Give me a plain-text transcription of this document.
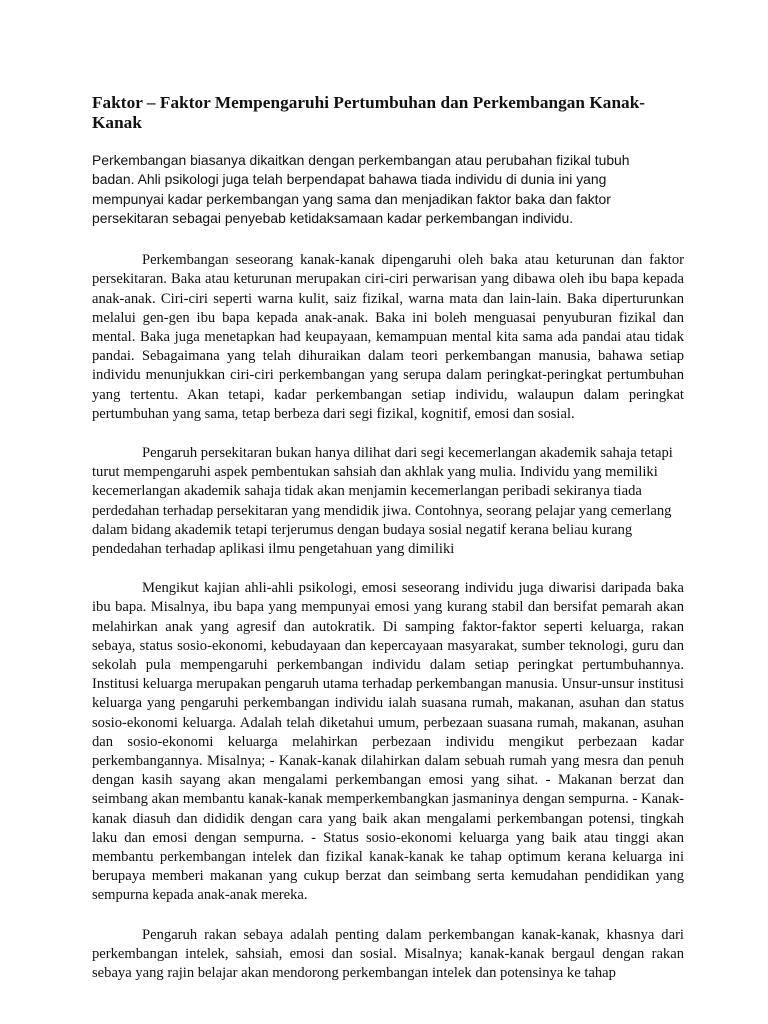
Faktor – Faktor Mempengaruhi Pertumbuhan dan Perkembangan Kanak-Kanak

Perkembangan biasanya dikaitkan dengan perkembangan atau perubahan fizikal tubuh badan. Ahli psikologi juga telah berpendapat bahawa tiada individu di dunia ini yang mempunyai kadar perkembangan yang sama dan menjadikan faktor baka dan faktor persekitaran sebagai penyebab ketidaksamaan kadar perkembangan individu.

Perkembangan seseorang kanak-kanak dipengaruhi oleh baka atau keturunan dan faktor persekitaran. Baka atau keturunan merupakan ciri-ciri perwarisan yang dibawa oleh ibu bapa kepada anak-anak. Ciri-ciri seperti warna kulit, saiz fizikal, warna mata dan lain-lain. Baka diperturunkan melalui gen-gen ibu bapa kepada anak-anak. Baka ini boleh menguasai penyuburan fizikal dan mental. Baka juga menetapkan had keupayaan, kemampuan mental kita sama ada pandai atau tidak pandai. Sebagaimana yang telah dihuraikan dalam teori perkembangan manusia, bahawa setiap individu menunjukkan ciri-ciri perkembangan yang serupa dalam peringkat-peringkat pertumbuhan yang tertentu. Akan tetapi, kadar perkembangan setiap individu, walaupun dalam peringkat pertumbuhan yang sama, tetap berbeza dari segi fizikal, kognitif, emosi dan sosial.

Pengaruh persekitaran bukan hanya dilihat dari segi kecemerlangan akademik sahaja tetapi turut mempengaruhi aspek pembentukan sahsiah dan akhlak yang mulia. Individu yang memiliki kecemerlangan akademik sahaja tidak akan menjamin kecemerlangan peribadi sekiranya tiada perdedahan terhadap persekitaran yang mendidik jiwa. Contohnya, seorang pelajar yang cemerlang dalam bidang akademik tetapi terjerumus dengan budaya sosial negatif kerana beliau kurang pendedahan terhadap aplikasi ilmu pengetahuan yang dimiliki

Mengikut kajian ahli-ahli psikologi, emosi seseorang individu juga diwarisi daripada baka ibu bapa. Misalnya, ibu bapa yang mempunyai emosi yang kurang stabil dan bersifat pemarah akan melahirkan anak yang agresif dan autokratik. Di samping faktor-faktor seperti keluarga, rakan sebaya, status sosio-ekonomi, kebudayaan dan kepercayaan masyarakat, sumber teknologi, guru dan sekolah pula mempengaruhi perkembangan individu dalam setiap peringkat pertumbuhannya. Institusi keluarga merupakan pengaruh utama terhadap perkembangan manusia. Unsur-unsur institusi keluarga yang pengaruhi perkembangan individu ialah suasana rumah, makanan, asuhan dan status sosio-ekonomi keluarga. Adalah telah diketahui umum, perbezaan suasana rumah, makanan, asuhan dan sosio-ekonomi keluarga melahirkan perbezaan individu mengikut perbezaan kadar perkembangannya. Misalnya; - Kanak-kanak dilahirkan dalam sebuah rumah yang mesra dan penuh dengan kasih sayang akan mengalami perkembangan emosi yang sihat. - Makanan berzat dan seimbang akan membantu kanak-kanak memperkembangkan jasmaninya dengan sempurna. - Kanak-kanak diasuh dan dididik dengan cara yang baik akan mengalami perkembangan potensi, tingkah laku dan emosi dengan sempurna. - Status sosio-ekonomi keluarga yang baik atau tinggi akan membantu perkembangan intelek dan fizikal kanak-kanak ke tahap optimum kerana keluarga ini berupaya memberi makanan yang cukup berzat dan seimbang serta kemudahan pendidikan yang sempurna kepada anak-anak mereka.

Pengaruh rakan sebaya adalah penting dalam perkembangan kanak-kanak, khasnya dari perkembangan intelek, sahsiah, emosi dan sosial. Misalnya; kanak-kanak bergaul dengan rakan sebaya yang rajin belajar akan mendorong perkembangan intelek dan potensinya ke tahap
